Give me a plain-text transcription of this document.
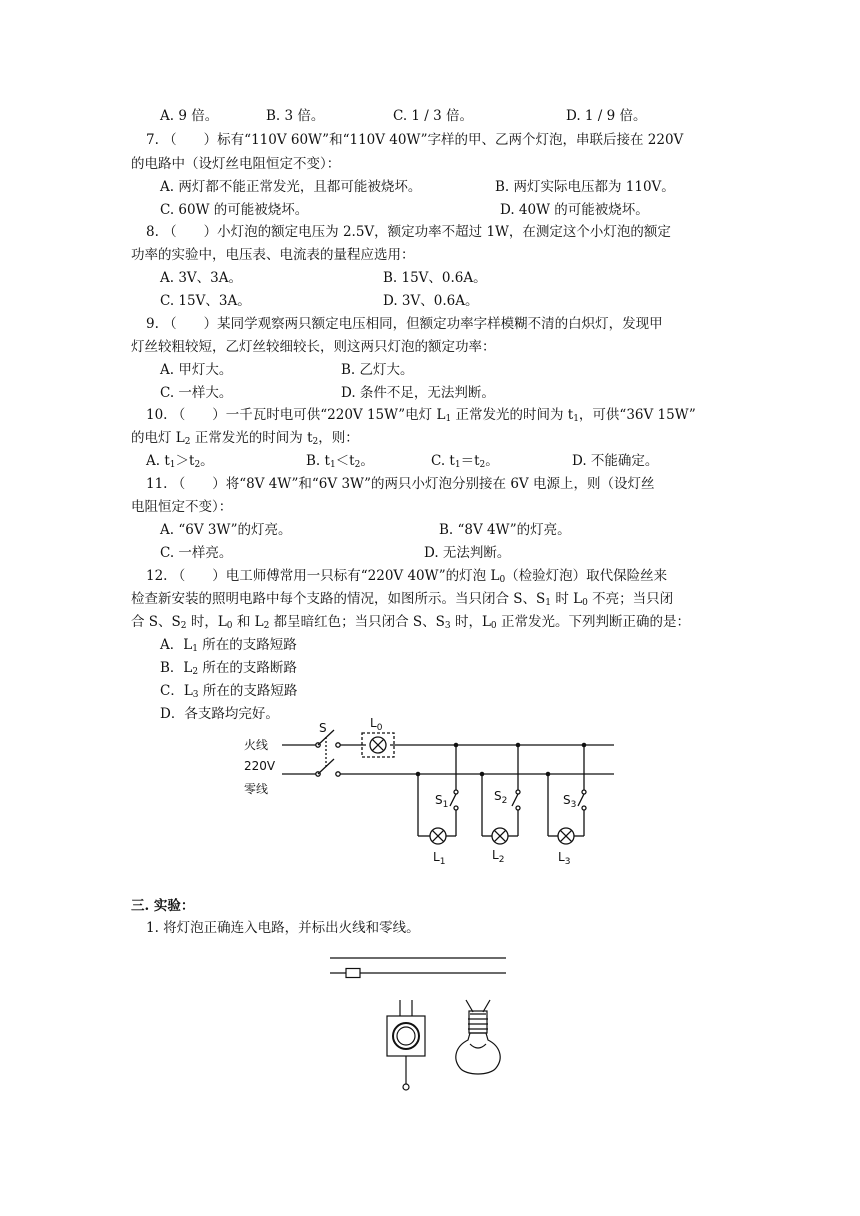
A. 9 倍。	B. 3 倍。	C. 1 / 3 倍。	D. 1 / 9 倍。
7. （　　）标有“110V 60W”和“110V 40W”字样的甲、乙两个灯泡，串联后接在 220V
的电路中（设灯丝电阻恒定不变）：
A. 两灯都不能正常发光，且都可能被烧坏。	B. 两灯实际电压都为 110V。
C. 60W 的可能被烧坏。	D. 40W 的可能被烧坏。
8. （　　）小灯泡的额定电压为 2.5V，额定功率不超过 1W，在测定这个小灯泡的额定
功率的实验中，电压表、电流表的量程应选用：
A. 3V、3A。	B. 15V、0.6A。
C. 15V、3A。	D. 3V、0.6A。
9. （　　）某同学观察两只额定电压相同，但额定功率字样模糊不清的白炽灯，发现甲
灯丝较粗较短，乙灯丝较细较长，则这两只灯泡的额定功率：
A. 甲灯大。	B. 乙灯大。
C. 一样大。	D. 条件不足，无法判断。
10. （　　）一千瓦时电可供“220V 15W”电灯 $L_1$ 正常发光的时间为 $t_1$，可供“36V 15W”
的电灯 $L_2$ 正常发光的时间为 $t_2$，则：
A. $t_1>t_2$。	B. $t_1<t_2$。	C. $t_1=t_2$。	D. 不能确定。
11. （　　）将“8V 4W”和“6V 3W”的两只小灯泡分别接在 6V 电源上，则（设灯丝
电阻恒定不变）：
A. “6V 3W”的灯亮。	B. “8V 4W”的灯亮。
C. 一样亮。	D. 无法判断。
12. （　　）电工师傅常用一只标有“220V 40W”的灯泡 $L_0$（检验灯泡）取代保险丝来
检查新安装的照明电路中每个支路的情况，如图所示。当只闭合 S、$S_1$ 时 $L_0$ 不亮；当只闭
合 S、$S_2$ 时，$L_0$ 和 $L_2$ 都呈暗红色；当只闭合 S、$S_3$ 时，$L_0$ 正常发光。下列判断正确的是：
A．$L_1$ 所在的支路短路
B．$L_2$ 所在的支路断路
C．$L_3$ 所在的支路短路
D．各支路均完好。
火线
220V
零线
S	$L_0$
$S_1$
$S_2$	$S_3$
$L_1$	$L_2$	$L_3$
三. 实验：
1. 将灯泡正确连入电路，并标出火线和零线。
